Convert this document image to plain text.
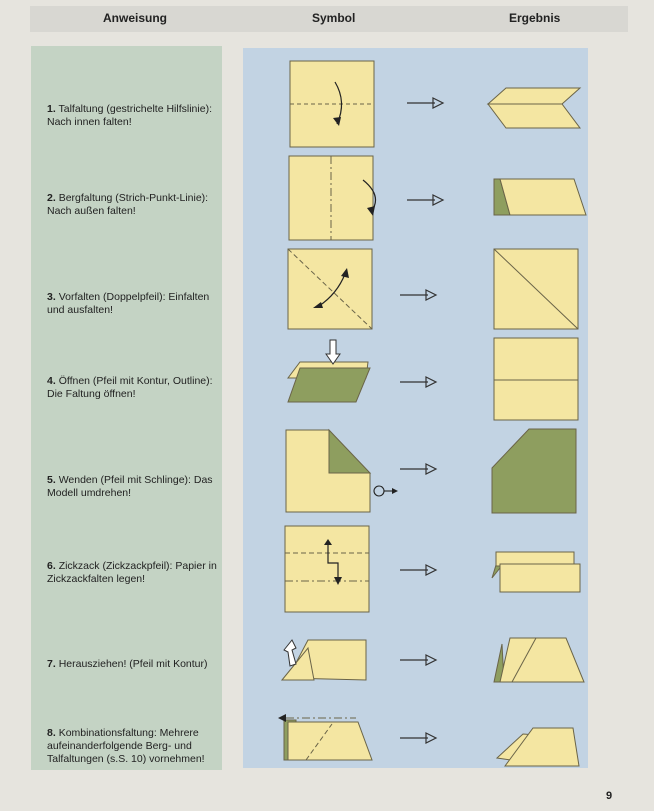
Anweisung	Symbol	Ergebnis
1. Talfaltung (gestrichelte Hilfslinie): Nach innen falten!
2. Bergfaltung (Strich-Punkt-Linie): Nach außen falten!
3. Vorfalten (Doppelpfeil): Einfalten und ausfalten!
4. Öffnen (Pfeil mit Kontur, Outline): Die Faltung öffnen!
5. Wenden (Pfeil mit Schlinge): Das Modell umdrehen!
6. Zickzack (Zickzackpfeil): Papier in Zickzackfalten legen!
7. Herausziehen! (Pfeil mit Kontur)
8. Kombinationsfaltung: Mehrere aufeinanderfolgende Berg- und Talfaltungen (s.S. 10) vornehmen!
9
